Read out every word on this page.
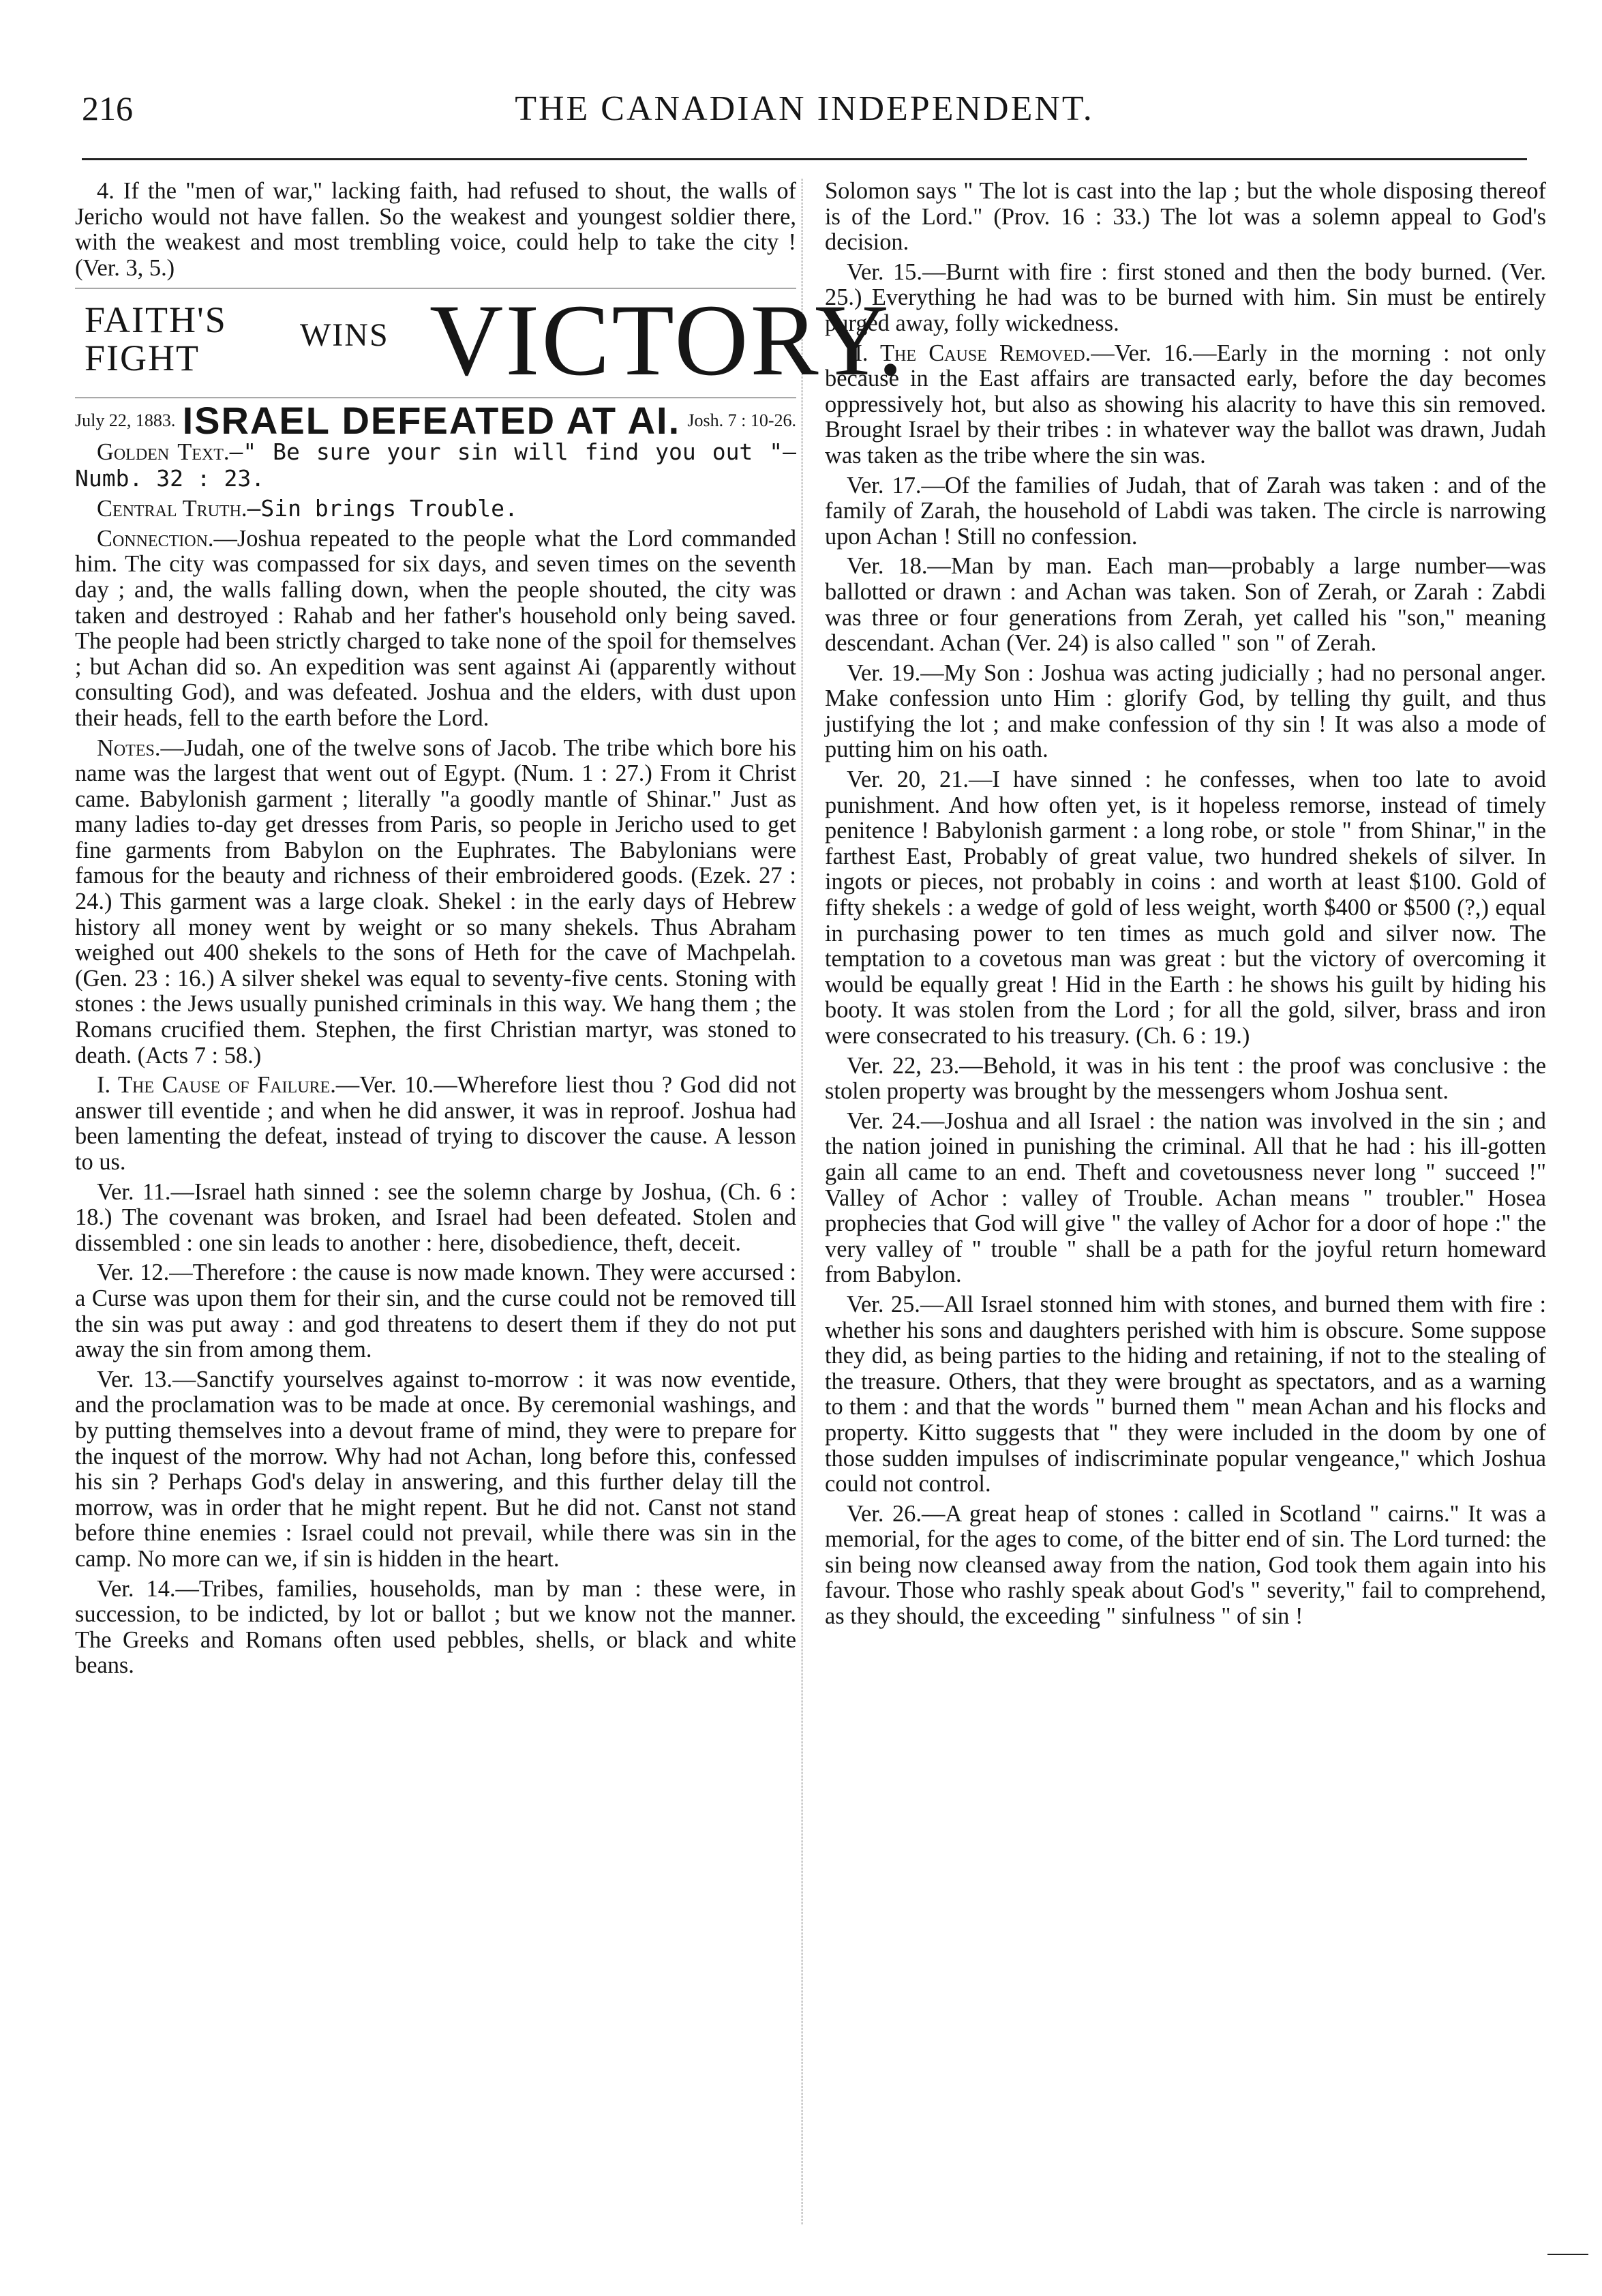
216	THE CANADIAN INDEPENDENT.

4. If the "men of war," lacking faith, had refused to shout, the walls of Jericho would not have fallen. So the weakest and youngest soldier there, with the weakest and most trembling voice, could help to take the city ! (Ver. 3, 5.)

FAITH'S
FIGHT
WINS VICTORY.
July 22, 1883. ISRAEL DEFEATED AT AI. Josh. 7 : 10-26.

Golden Text.—" Be sure your sin will find you out "—Numb. 32 : 23.

Central Truth.—Sin brings Trouble.

Connection.—Joshua repeated to the people what the Lord commanded him. The city was compassed for six days, and seven times on the seventh day ; and, the walls falling down, when the people shouted, the city was taken and destroyed : Rahab and her father's household only being saved. The people had been strictly charged to take none of the spoil for themselves ; but Achan did so. An expedition was sent against Ai (apparently without consulting God), and was defeated. Joshua and the elders, with dust upon their heads, fell to the earth before the Lord.

Notes.—Judah, one of the twelve sons of Jacob. The tribe which bore his name was the largest that went out of Egypt. (Num. 1 : 27.) From it Christ came. Babylonish garment ; literally "a goodly mantle of Shinar." Just as many ladies to-day get dresses from Paris, so people in Jericho used to get fine garments from Babylon on the Euphrates. The Babylonians were famous for the beauty and richness of their embroidered goods. (Ezek. 27 : 24.) This garment was a large cloak. Shekel : in the early days of Hebrew history all money went by weight or so many shekels. Thus Abraham weighed out 400 shekels to the sons of Heth for the cave of Machpelah. (Gen. 23 : 16.) A silver shekel was equal to seventy-five cents. Stoning with stones : the Jews usually punished criminals in this way. We hang them ; the Romans crucified them. Stephen, the first Christian martyr, was stoned to death. (Acts 7 : 58.)

I. The Cause of Failure.—Ver. 10.—Wherefore liest thou ? God did not answer till eventide ; and when he did answer, it was in reproof. Joshua had been lamenting the defeat, instead of trying to discover the cause. A lesson to us.

Ver. 11.—Israel hath sinned : see the solemn charge by Joshua, (Ch. 6 : 18.) The covenant was broken, and Israel had been defeated. Stolen and dissembled : one sin leads to another : here, disobedience, theft, deceit.

Ver. 12.—Therefore : the cause is now made known. They were accursed : a Curse was upon them for their sin, and the curse could not be removed till the sin was put away : and god threatens to desert them if they do not put away the sin from among them.

Ver. 13.—Sanctify yourselves against to-morrow : it was now eventide, and the proclamation was to be made at once. By ceremonial washings, and by putting themselves into a devout frame of mind, they were to prepare for the inquest of the morrow. Why had not Achan, long before this, confessed his sin ? Perhaps God's delay in answering, and this further delay till the morrow, was in order that he might repent. But he did not. Canst not stand before thine enemies : Israel could not prevail, while there was sin in the camp. No more can we, if sin is hidden in the heart.

Ver. 14.—Tribes, families, households, man by man : these were, in succession, to be indicted, by lot or ballot ; but we know not the manner. The Greeks and Romans often used pebbles, shells, or black and white beans.

Solomon says " The lot is cast into the lap ; but the whole disposing thereof is of the Lord." (Prov. 16 : 33.) The lot was a solemn appeal to God's decision.

Ver. 15.—Burnt with fire : first stoned and then the body burned. (Ver. 25.) Everything he had was to be burned with him. Sin must be entirely purged away, folly wickedness.

II. The Cause Removed.—Ver. 16.—Early in the morning : not only because in the East affairs are transacted early, before the day becomes oppressively hot, but also as showing his alacrity to have this sin removed. Brought Israel by their tribes : in whatever way the ballot was drawn, Judah was taken as the tribe where the sin was.

Ver. 17.—Of the families of Judah, that of Zarah was taken : and of the family of Zarah, the household of Labdi was taken. The circle is narrowing upon Achan ! Still no confession.

Ver. 18.—Man by man. Each man—probably a large number—was ballotted or drawn : and Achan was taken. Son of Zerah, or Zarah : Zabdi was three or four generations from Zerah, yet called his "son," meaning descendant. Achan (Ver. 24) is also called " son " of Zerah.

Ver. 19.—My Son : Joshua was acting judicially ; had no personal anger. Make confession unto Him : glorify God, by telling thy guilt, and thus justifying the lot ; and make confession of thy sin ! It was also a mode of putting him on his oath.

Ver. 20, 21.—I have sinned : he confesses, when too late to avoid punishment. And how often yet, is it hopeless remorse, instead of timely penitence ! Babylonish garment : a long robe, or stole " from Shinar," in the farthest East, Probably of great value, two hundred shekels of silver. In ingots or pieces, not probably in coins : and worth at least $100. Gold of fifty shekels : a wedge of gold of less weight, worth $400 or $500 (?,) equal in purchasing power to ten times as much gold and silver now. The temptation to a covetous man was great : but the victory of overcoming it would be equally great ! Hid in the Earth : he shows his guilt by hiding his booty. It was stolen from the Lord ; for all the gold, silver, brass and iron were consecrated to his treasury. (Ch. 6 : 19.)

Ver. 22, 23.—Behold, it was in his tent : the proof was conclusive : the stolen property was brought by the messengers whom Joshua sent.

Ver. 24.—Joshua and all Israel : the nation was involved in the sin ; and the nation joined in punishing the criminal. All that he had : his ill-gotten gain all came to an end. Theft and covetousness never long " succeed !" Valley of Achor : valley of Trouble. Achan means " troubler." Hosea prophecies that God will give " the valley of Achor for a door of hope :" the very valley of " trouble " shall be a path for the joyful return homeward from Babylon.

Ver. 25.—All Israel stonned him with stones, and burned them with fire : whether his sons and daughters perished with him is obscure. Some suppose they did, as being parties to the hiding and retaining, if not to the stealing of the treasure. Others, that they were brought as spectators, and as a warning to them : and that the words " burned them " mean Achan and his flocks and property. Kitto suggests that " they were included in the doom by one of those sudden impulses of indiscriminate popular vengeance," which Joshua could not control.

Ver. 26.—A great heap of stones : called in Scotland " cairns." It was a memorial, for the ages to come, of the bitter end of sin. The Lord turned: the sin being now cleansed away from the nation, God took them again into his favour. Those who rashly speak about God's " severity," fail to comprehend, as they should, the exceeding " sinfulness " of sin !
